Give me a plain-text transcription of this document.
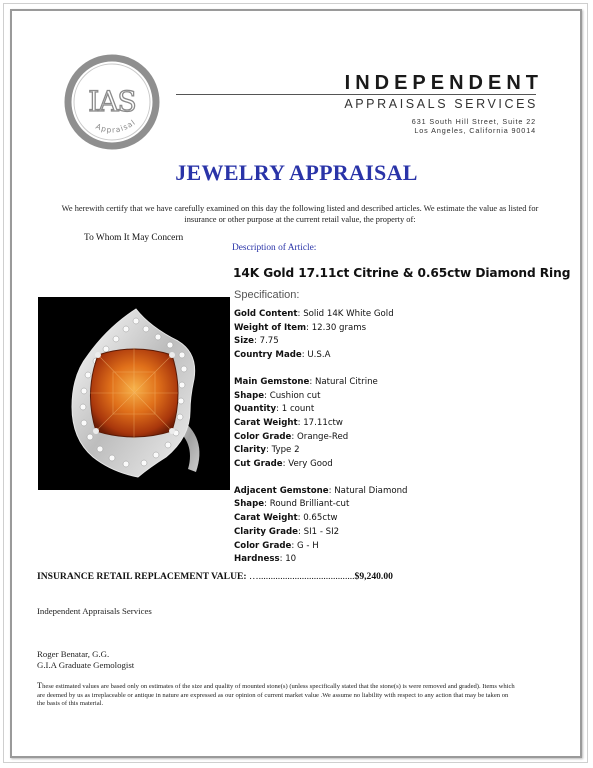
IAS
Appraisal
INDEPENDENT
APPRAISALS SERVICES
631 South Hill Street, Suite 22
Los Angeles, California 90014
JEWELRY APPRAISAL
We herewith certify that we have carefully examined on this day the following listed and described articles. We estimate the value as listed for insurance or other purpose at the current retail value, the property of:
To Whom It May Concern
Description of Article:
14K Gold 17.11ct Citrine & 0.65ctw Diamond Ring
Specification:
Gold Content: Solid 14K White Gold
Weight of Item: 12.30 grams
Size: 7.75
Country Made: U.S.A
Main Gemstone: Natural Citrine
Shape: Cushion cut
Quantity: 1 count
Carat Weight: 17.11ctw
Color Grade: Orange-Red
Clarity: Type 2
Cut Grade: Very Good
Adjacent Gemstone: Natural Diamond
Shape: Round Brilliant-cut
Carat Weight: 0.65ctw
Clarity Grade: SI1 - SI2
Color Grade: G - H
Hardness: 10
INSURANCE RETAIL REPLACEMENT VALUE: …........................................$9,240.00
Independent Appraisals Services
Roger Benatar, G.G.
G.I.A Graduate Gemologist
These estimated values are based only on estimates of the size and quality of mounted stone(s) (unless specifically stated that the stone(s) is were removed and graded). Items which are deemed by us as irreplaceable or antique in nature are expressed as our opinion of current market value .We assume no liability with respect to any action that may be taken on the basis of this material.
